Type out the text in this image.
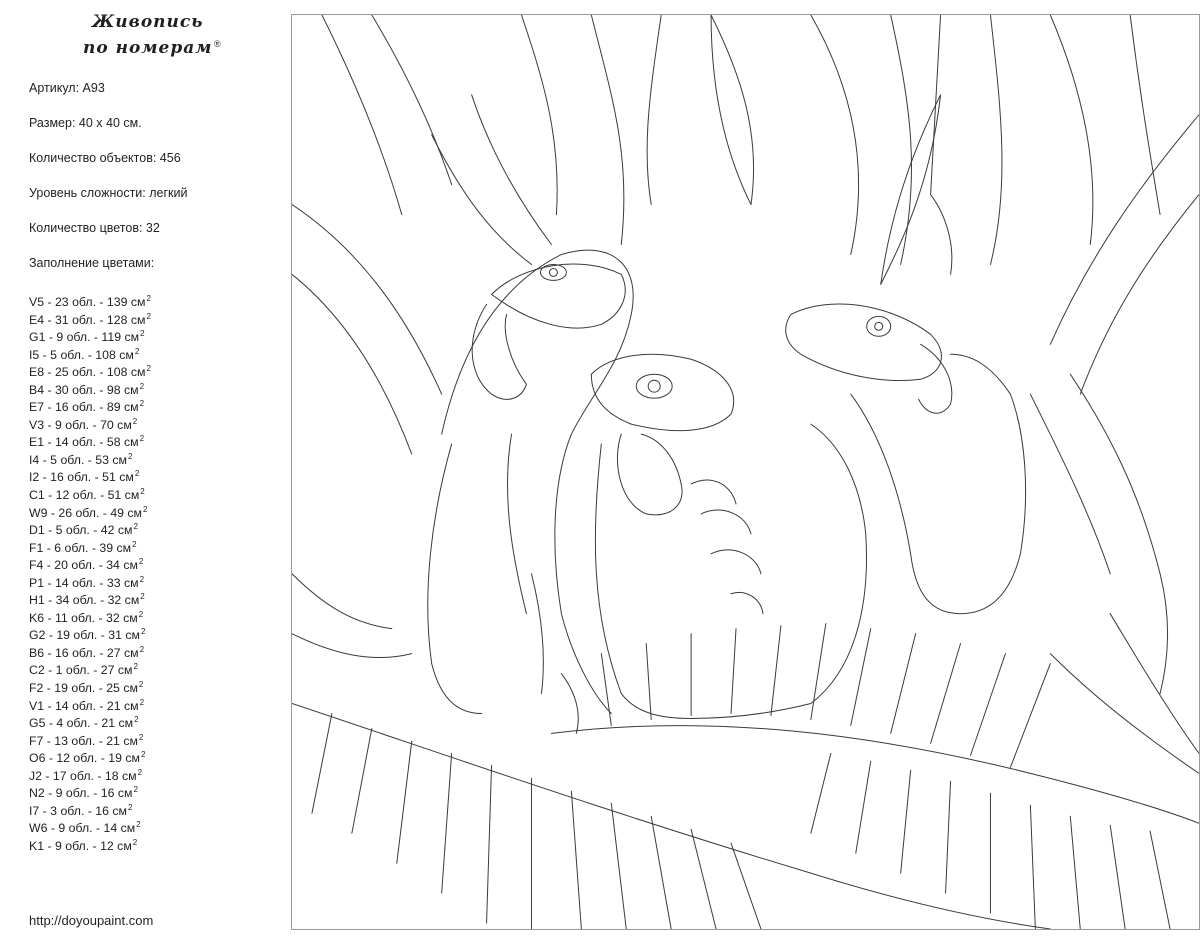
Живопись
по номерам ®
Артикул: А93
Размер: 40 х 40 см.
Количество объектов: 456
Уровень сложности: легкий
Количество цветов: 32
Заполнение цветами:
V5 - 23 обл. - 139 $см^2$
E4 - 31 обл. - 128 $см^2$
G1 - 9 обл. - 119 $см^2$
I5 - 5 обл. - 108 $см^2$
E8 - 25 обл. - 108 $см^2$
B4 - 30 обл. - 98 $см^2$
E7 - 16 обл. - 89 $см^2$
V3 - 9 обл. - 70 $см^2$
E1 - 14 обл. - 58 $см^2$
I4 - 5 обл. - 53 $см^2$
I2 - 16 обл. - 51 $см^2$
C1 - 12 обл. - 51 $см^2$
W9 - 26 обл. - 49 $см^2$
D1 - 5 обл. - 42 $см^2$
F1 - 6 обл. - 39 $см^2$
F4 - 20 обл. - 34 $см^2$
P1 - 14 обл. - 33 $см^2$
H1 - 34 обл. - 32 $см^2$
K6 - 11 обл. - 32 $см^2$
G2 - 19 обл. - 31 $см^2$
B6 - 16 обл. - 27 $см^2$
C2 - 1 обл. - 27 $см^2$
F2 - 19 обл. - 25 $см^2$
V1 - 14 обл. - 21 $см^2$
G5 - 4 обл. - 21 $см^2$
F7 - 13 обл. - 21 $см^2$
O6 - 12 обл. - 19 $см^2$
J2 - 17 обл. - 18 $см^2$
N2 - 9 обл. - 16 $см^2$
I7 - 3 обл. - 16 $см^2$
W6 - 9 обл. - 14 $см^2$
K1 - 9 обл. - 12 $см^2$
http://doyoupaint.com
